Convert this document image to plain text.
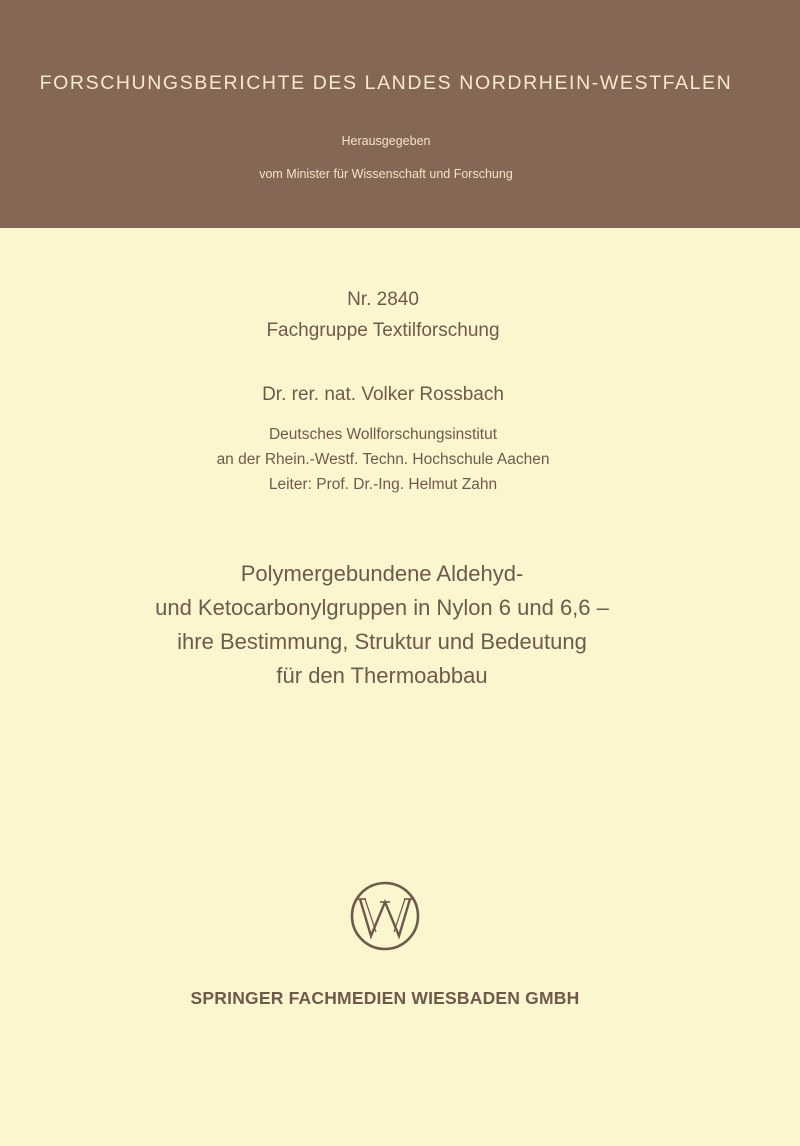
FORSCHUNGSBERICHTE DES LANDES NORDRHEIN-WESTFALEN
Herausgegeben
vom Minister für Wissenschaft und Forschung
Nr. 2840
Fachgruppe Textilforschung
Dr. rer. nat. Volker Rossbach
Deutsches Wollforschungsinstitut
an der Rhein.-Westf. Techn. Hochschule Aachen
Leiter: Prof. Dr.-Ing. Helmut Zahn
Polymergebundene Aldehyd-
und Ketocarbonylgruppen in Nylon 6 und 6,6 –
ihre Bestimmung, Struktur und Bedeutung
für den Thermoabbau
SPRINGER FACHMEDIEN WIESBADEN GMBH
